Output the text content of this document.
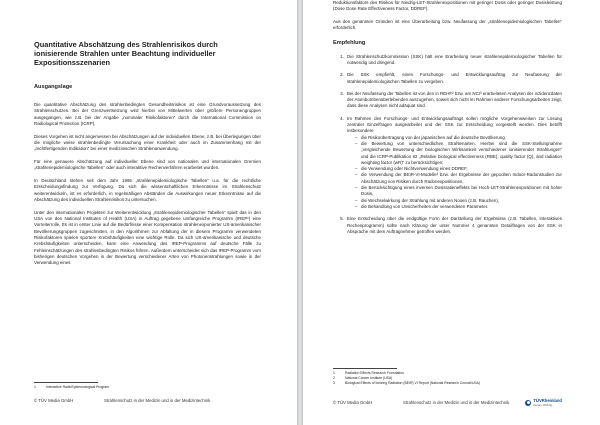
Quantitative Abschätzung des Strahlenrisikos durch ionisierende Strahlen unter Beachtung individueller Expositionsszenarien
Ausgangslage

Die quantitative Abschätzung des strahlenbedingten Gesundheitsrisikos ist eine Grundvoraussetzung des Strahlenschutzes. Bei der Grenzwertsetzung wird hierbei von Mittelwerten über größere Personengruppen ausgegangen, wie z.B. bei der Angabe „nominaler Risikofaktoren“ durch die International Commission on Radiological Protection (ICRP).

Dieses Vorgehen ist nicht angemessen bei Abschätzungen auf der individuellen Ebene, z.B. bei Überlegungen über die mögliche weise strahlenbedingte Verursachung einer Krankheit oder auch im Zusammenhang mit der „rechtfertigenden Indikation“ bei einer medizinischen Strahlenanwendung.

Für eine genauere Abschätzung auf individueller Ebene sind von nationalen und internationalen Gremien „strahlenepidemiologische Tabellen“ oder auch interaktive Rechenverfahren erarbeitet worden.

In Deutschland stehen seit dem Jahr 1995 „strahlenepidemiologische Tabellen“ u.a. für die rechtliche Entscheidungsfindung zur Verfügung. Da sich die wissenschaftlichen Erkenntnisse im Strahlenschutz weiterentwickeln, ist es erforderlich, in regelmäßigen Abständen die Auswirkungen neuer Erkenntnisse auf die Abschätzung des individuellen Strahlenrisikos zu untersuchen.

Unter den internationalen Projekten zur Weiterentwicklung „strahlenepidemiologischer Tabellen“ spielt das in den USA von den National Institutes of Health (USA) in Auftrag gegebene umfangreiche Programm (IREP¹) eine Vorreiterrolle. Es ist in erster Linie auf die Bedürfnisse einer Kompensation strahlenexponierter US-amerikanischer Bevölkerungsgruppen zugeschnitten, in den Algorithmen zur Abfaltung der in diesem Programm verwendeten Risikofaktoren spielen sportere Krebshäufigkeiten eine wichtige Rolle. Da sich US-amerikanische und deutsche Krebshäufigkeiten unterscheiden, kann eine Anwendung des IREP-Programms auf deutsche Fälle zu Fehleinschätzungen des strahlenbedingten Risikos führen. Außerdem unterscheidet sich das IREP-Programm vom bisherigen deutschen Vorgehen in der Bewertung verschiedener Arten von Photonenstrahlungen sowie in der Verwendung eines

1	Interactive RadioEpidemiological Program
© TÜV Media GmbH	Strahlenschutz in der Medizin und in der Medizintechnik

Reduktionsfaktors des Risikos für Niedrig-LET-Strahlenexpositionen mit geringer Dosis oder geringer Dosisleistung (Dose Dose Rate Effectiveness Factor, DDREF).

Aus den genannten Gründen ist eine Überarbeitung bzw. Neufassung der „strahlenepidemiologischen Tabellen“ erforderlich.

Empfehlung
1. Die Strahlenschutzkommission (SSK) hält eine Erarbeitung neuer strahlenepidemiologischer Tabellen für notwendig und dringend.
2. Die SSK empfiehlt, einen Forschungs- und Entwicklungsauftrag zur Neufassung der strahlenepidemiologischen Tabellen zu vergeben.
3. Bei der Neufassung der Tabellen ist von den in REHF² bzw. am NCI³ erarbeiteten Analysen der inzidenzdaten der Atombombenüberlebenden auszugehen, soweit sich nicht im Rahmen anderer Forschungsarbeiten zeigt, dass diese Analysen nicht adäquat sind.
4. Im Rahmen des Forschungs- und Entwicklungsauftrags sollen mögliche Vorgehensweisen zur Lösung zentraler Einzelfragen ausgearbeitet und der SSK zur Entscheidung vorgestellt werden. Dies betrifft insbesondere
– die Risikoübertragung von der japanischen auf die deutsche Bevölkerung
– die Bewertung von unterschiedlichen Strahlenarten. Hierbei sind die SSK-Stellungnahme „Vergleichende Bewertung der biologischen Wirksamkeit verschiedener ionisierender Strahlungen“ und die ICRP-Publikation 92 „Relative biological effectiveness (RBE), quality factor (Q), and radiation weighting factor (wR)“ zu berücksichtigen;
– die Verwendung oder Nichtverwendung eines DDREF,
– die Verwendung der BEIR-VI-Modelle³ bzw. der Ergebnisse der gepoolten Indoor-Radonstudien zur Abschätzung von Risiken durch Radonexpositionen,
– die Berücksichtigung eines inversen Dosisratieneffekts bei Hoch-LET-Strahlenexpositionen mit hoher Dosis,
– die Wechselwirkung der Strahlung mit anderen Noxen (z.B. Rauchen),
– die Behandlung von Unsicherheiten der verwendeten Parameter.
5. Eine Entscheidung über die endgültige Form der Darstellung der Ergebnisse (z.B. Tabellen, interaktives Rechenprogramm) sollte nach Klärung der unter Nummer 4 genannten Detailfragen von der SSK in Absprache mit dem Auftragnehmer getroffen werden.
1	Radiation Effects Research Foundation
2	National Cancer Institute (USA)
3	Biological Effects of Ionizing Radiation (BEIR) VI Report (National Research Council/USA)
© TÜV Media GmbH	Strahlenschutz in der Medizin und in der Medizintechnik	TÜVRheinland
Genau. Richtig.
